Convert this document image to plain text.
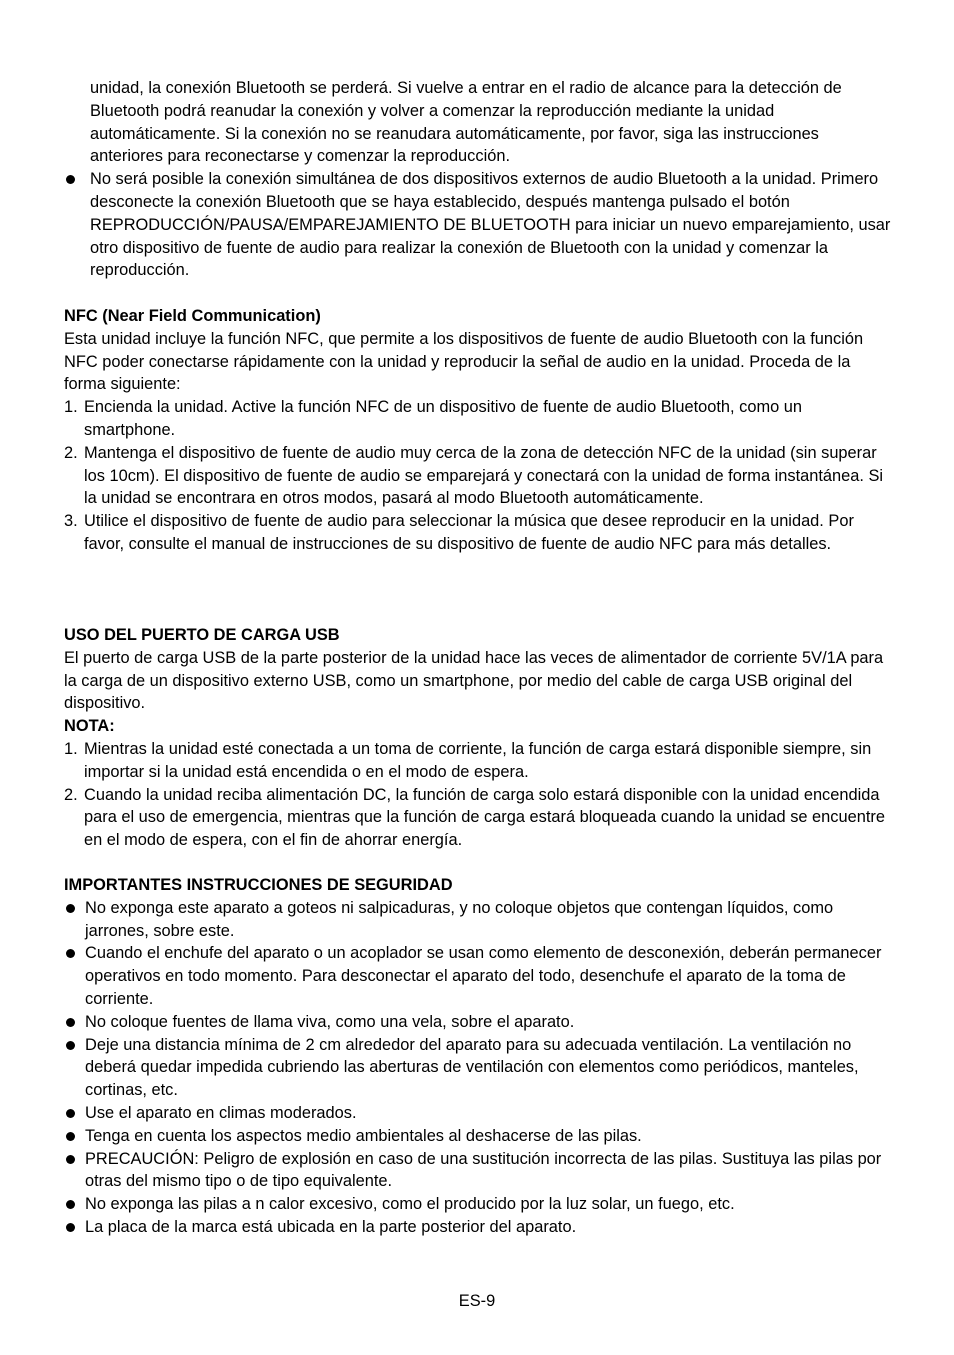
unidad, la conexión Bluetooth se perderá. Si vuelve a entrar en el radio de alcance para la detección de Bluetooth podrá reanudar la conexión y volver a comenzar la reproducción mediante la unidad automáticamente. Si la conexión no se reanudara automáticamente, por favor, siga las instrucciones anteriores para reconectarse y comenzar la reproducción.

No será posible la conexión simultánea de dos dispositivos externos de audio Bluetooth a la unidad. Primero desconecte la conexión Bluetooth que se haya establecido, después mantenga pulsado el botón REPRODUCCIÓN/PAUSA/EMPAREJAMIENTO DE BLUETOOTH para iniciar un nuevo emparejamiento, usar otro dispositivo de fuente de audio para realizar la conexión de Bluetooth con la unidad y comenzar la reproducción.

NFC (Near Field Communication)

Esta unidad incluye la función NFC, que permite a los dispositivos de fuente de audio Bluetooth con la función NFC poder conectarse rápidamente con la unidad y reproducir la señal de audio en la unidad. Proceda de la forma siguiente:

1. Encienda la unidad. Active la función NFC de un dispositivo de fuente de audio Bluetooth, como un smartphone.
2. Mantenga el dispositivo de fuente de audio muy cerca de la zona de detección NFC de la unidad (sin superar los 10cm). El dispositivo de fuente de audio se emparejará y conectará con la unidad de forma instantánea. Si la unidad se encontrara en otros modos, pasará al modo Bluetooth automáticamente.
3. Utilice el dispositivo de fuente de audio para seleccionar la música que desee reproducir en la unidad. Por favor, consulte el manual de instrucciones de su dispositivo de fuente de audio NFC para más detalles.

USO DEL PUERTO DE CARGA USB

El puerto de carga USB de la parte posterior de la unidad hace las veces de alimentador de corriente 5V/1A para la carga de un dispositivo externo USB, como un smartphone, por medio del cable de carga USB original del dispositivo.

NOTA:

1. Mientras la unidad esté conectada a un toma de corriente, la función de carga estará disponible siempre, sin importar si la unidad está encendida o en el modo de espera.
2. Cuando la unidad reciba alimentación DC, la función de carga solo estará disponible con la unidad encendida para el uso de emergencia, mientras que la función de carga estará bloqueada cuando la unidad se encuentre en el modo de espera, con el fin de ahorrar energía.

IMPORTANTES INSTRUCCIONES DE SEGURIDAD

No exponga este aparato a goteos ni salpicaduras, y no coloque objetos que contengan líquidos, como jarrones, sobre este.
Cuando el enchufe del aparato o un acoplador se usan como elemento de desconexión, deberán permanecer operativos en todo momento. Para desconectar el aparato del todo, desenchufe el aparato de la toma de corriente.
No coloque fuentes de llama viva, como una vela, sobre el aparato.
Deje una distancia mínima de 2 cm alrededor del aparato para su adecuada ventilación. La ventilación no deberá quedar impedida cubriendo las aberturas de ventilación con elementos como periódicos, manteles, cortinas, etc.
Use el aparato en climas moderados.
Tenga en cuenta los aspectos medio ambientales al deshacerse de las pilas.
PRECAUCIÓN: Peligro de explosión en caso de una sustitución incorrecta de las pilas. Sustituya las pilas por otras del mismo tipo o de tipo equivalente.
No exponga las pilas a n calor excesivo, como el producido por la luz solar, un fuego, etc.
La placa de la marca está ubicada en la parte posterior del aparato.
ES-9
